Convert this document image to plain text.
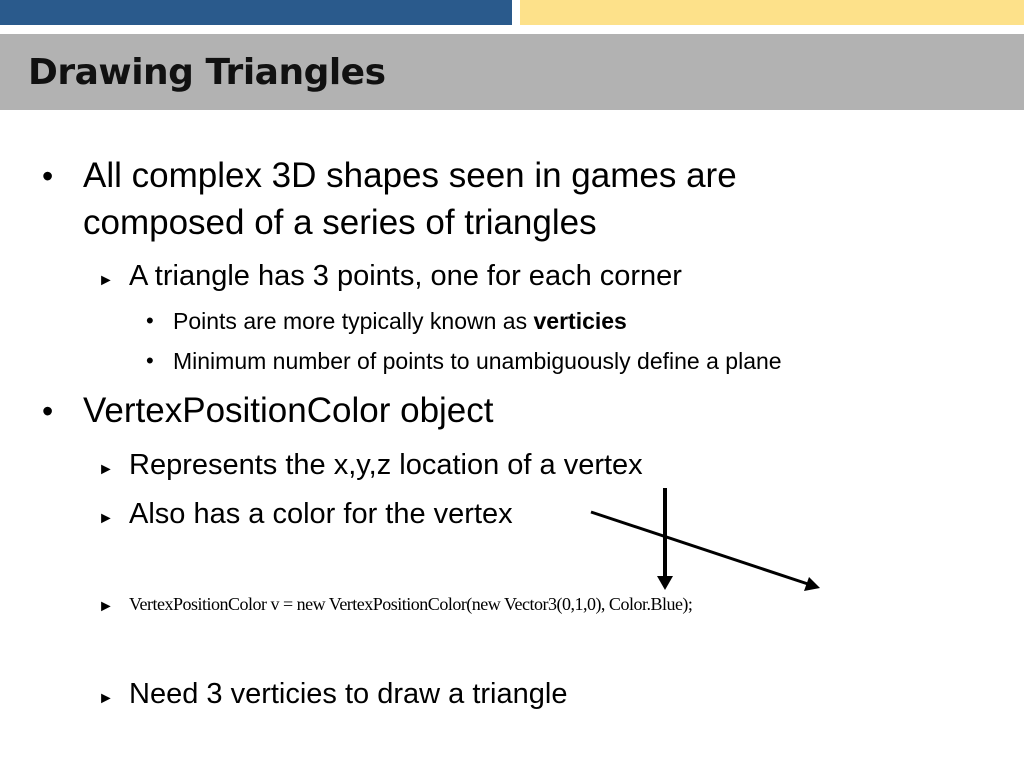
Drawing Triangles
• All complex 3D shapes seen in games are
composed of a series of triangles
► A triangle has 3 points, one for each corner
• Points are more typically known as verticies
• Minimum number of points to unambiguously define a plane
• VertexPositionColor object
► Represents the x,y,z location of a vertex
► Also has a color for the vertex
► VertexPositionColor v = new VertexPositionColor(new Vector3(0,1,0), Color.Blue);
► Need 3 verticies to draw a triangle
